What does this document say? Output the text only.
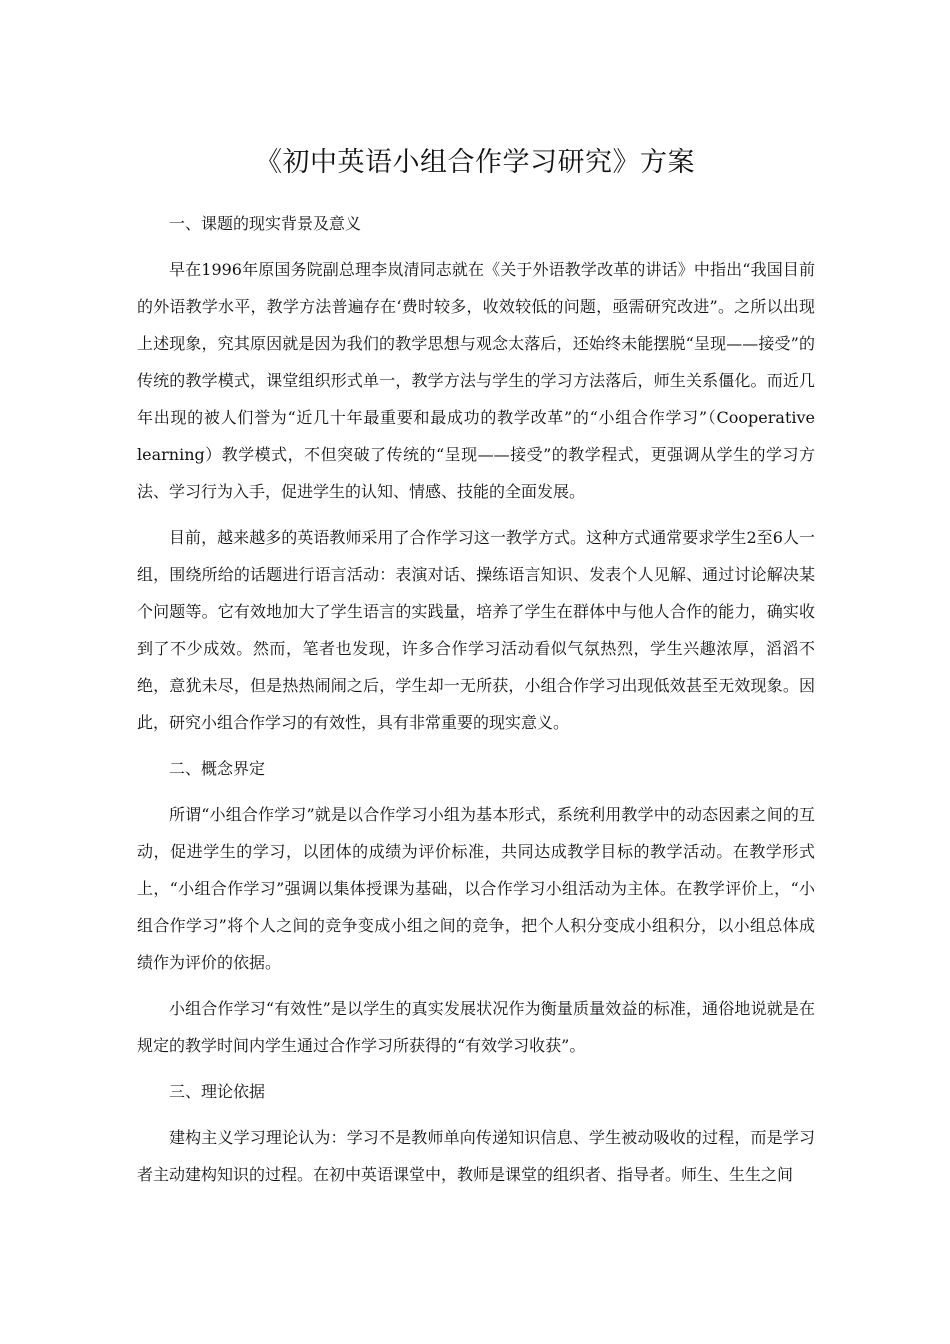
《初中英语小组合作学习研究》方案
一、课题的现实背景及意义
早在1996年原国务院副总理李岚清同志就在《关于外语教学改革的讲话》中指出“我国目前的外语教学水平，教学方法普遍存在‘费时较多，收效较低的问题，亟需研究改进”。之所以出现上述现象，究其原因就是因为我们的教学思想与观念太落后，还始终未能摆脱“呈现——接受”的传统的教学模式，课堂组织形式单一，教学方法与学生的学习方法落后，师生关系僵化。而近几年出现的被人们誉为“近几十年最重要和最成功的教学改革”的“小组合作学习”（Cooperative learning）教学模式，不但突破了传统的“呈现——接受”的教学程式，更强调从学生的学习方法、学习行为入手，促进学生的认知、情感、技能的全面发展。
目前，越来越多的英语教师采用了合作学习这一教学方式。这种方式通常要求学生2至6人一组，围绕所给的话题进行语言活动：表演对话、操练语言知识、发表个人见解、通过讨论解决某个问题等。它有效地加大了学生语言的实践量，培养了学生在群体中与他人合作的能力，确实收到了不少成效。然而，笔者也发现，许多合作学习活动看似气氛热烈，学生兴趣浓厚，滔滔不绝，意犹未尽，但是热热闹闹之后，学生却一无所获，小组合作学习出现低效甚至无效现象。因此，研究小组合作学习的有效性，具有非常重要的现实意义。
二、概念界定
所谓“小组合作学习”就是以合作学习小组为基本形式，系统利用教学中的动态因素之间的互动，促进学生的学习，以团体的成绩为评价标准，共同达成教学目标的教学活动。在教学形式上，“小组合作学习”强调以集体授课为基础，以合作学习小组活动为主体。在教学评价上，“小组合作学习”将个人之间的竞争变成小组之间的竞争，把个人积分变成小组积分，以小组总体成绩作为评价的依据。
小组合作学习“有效性”是以学生的真实发展状况作为衡量质量效益的标准，通俗地说就是在规定的教学时间内学生通过合作学习所获得的“有效学习收获”。
三、理论依据
建构主义学习理论认为：学习不是教师单向传递知识信息、学生被动吸收的过程，而是学习者主动建构知识的过程。在初中英语课堂中，教师是课堂的组织者、指导者。师生、生生之间
